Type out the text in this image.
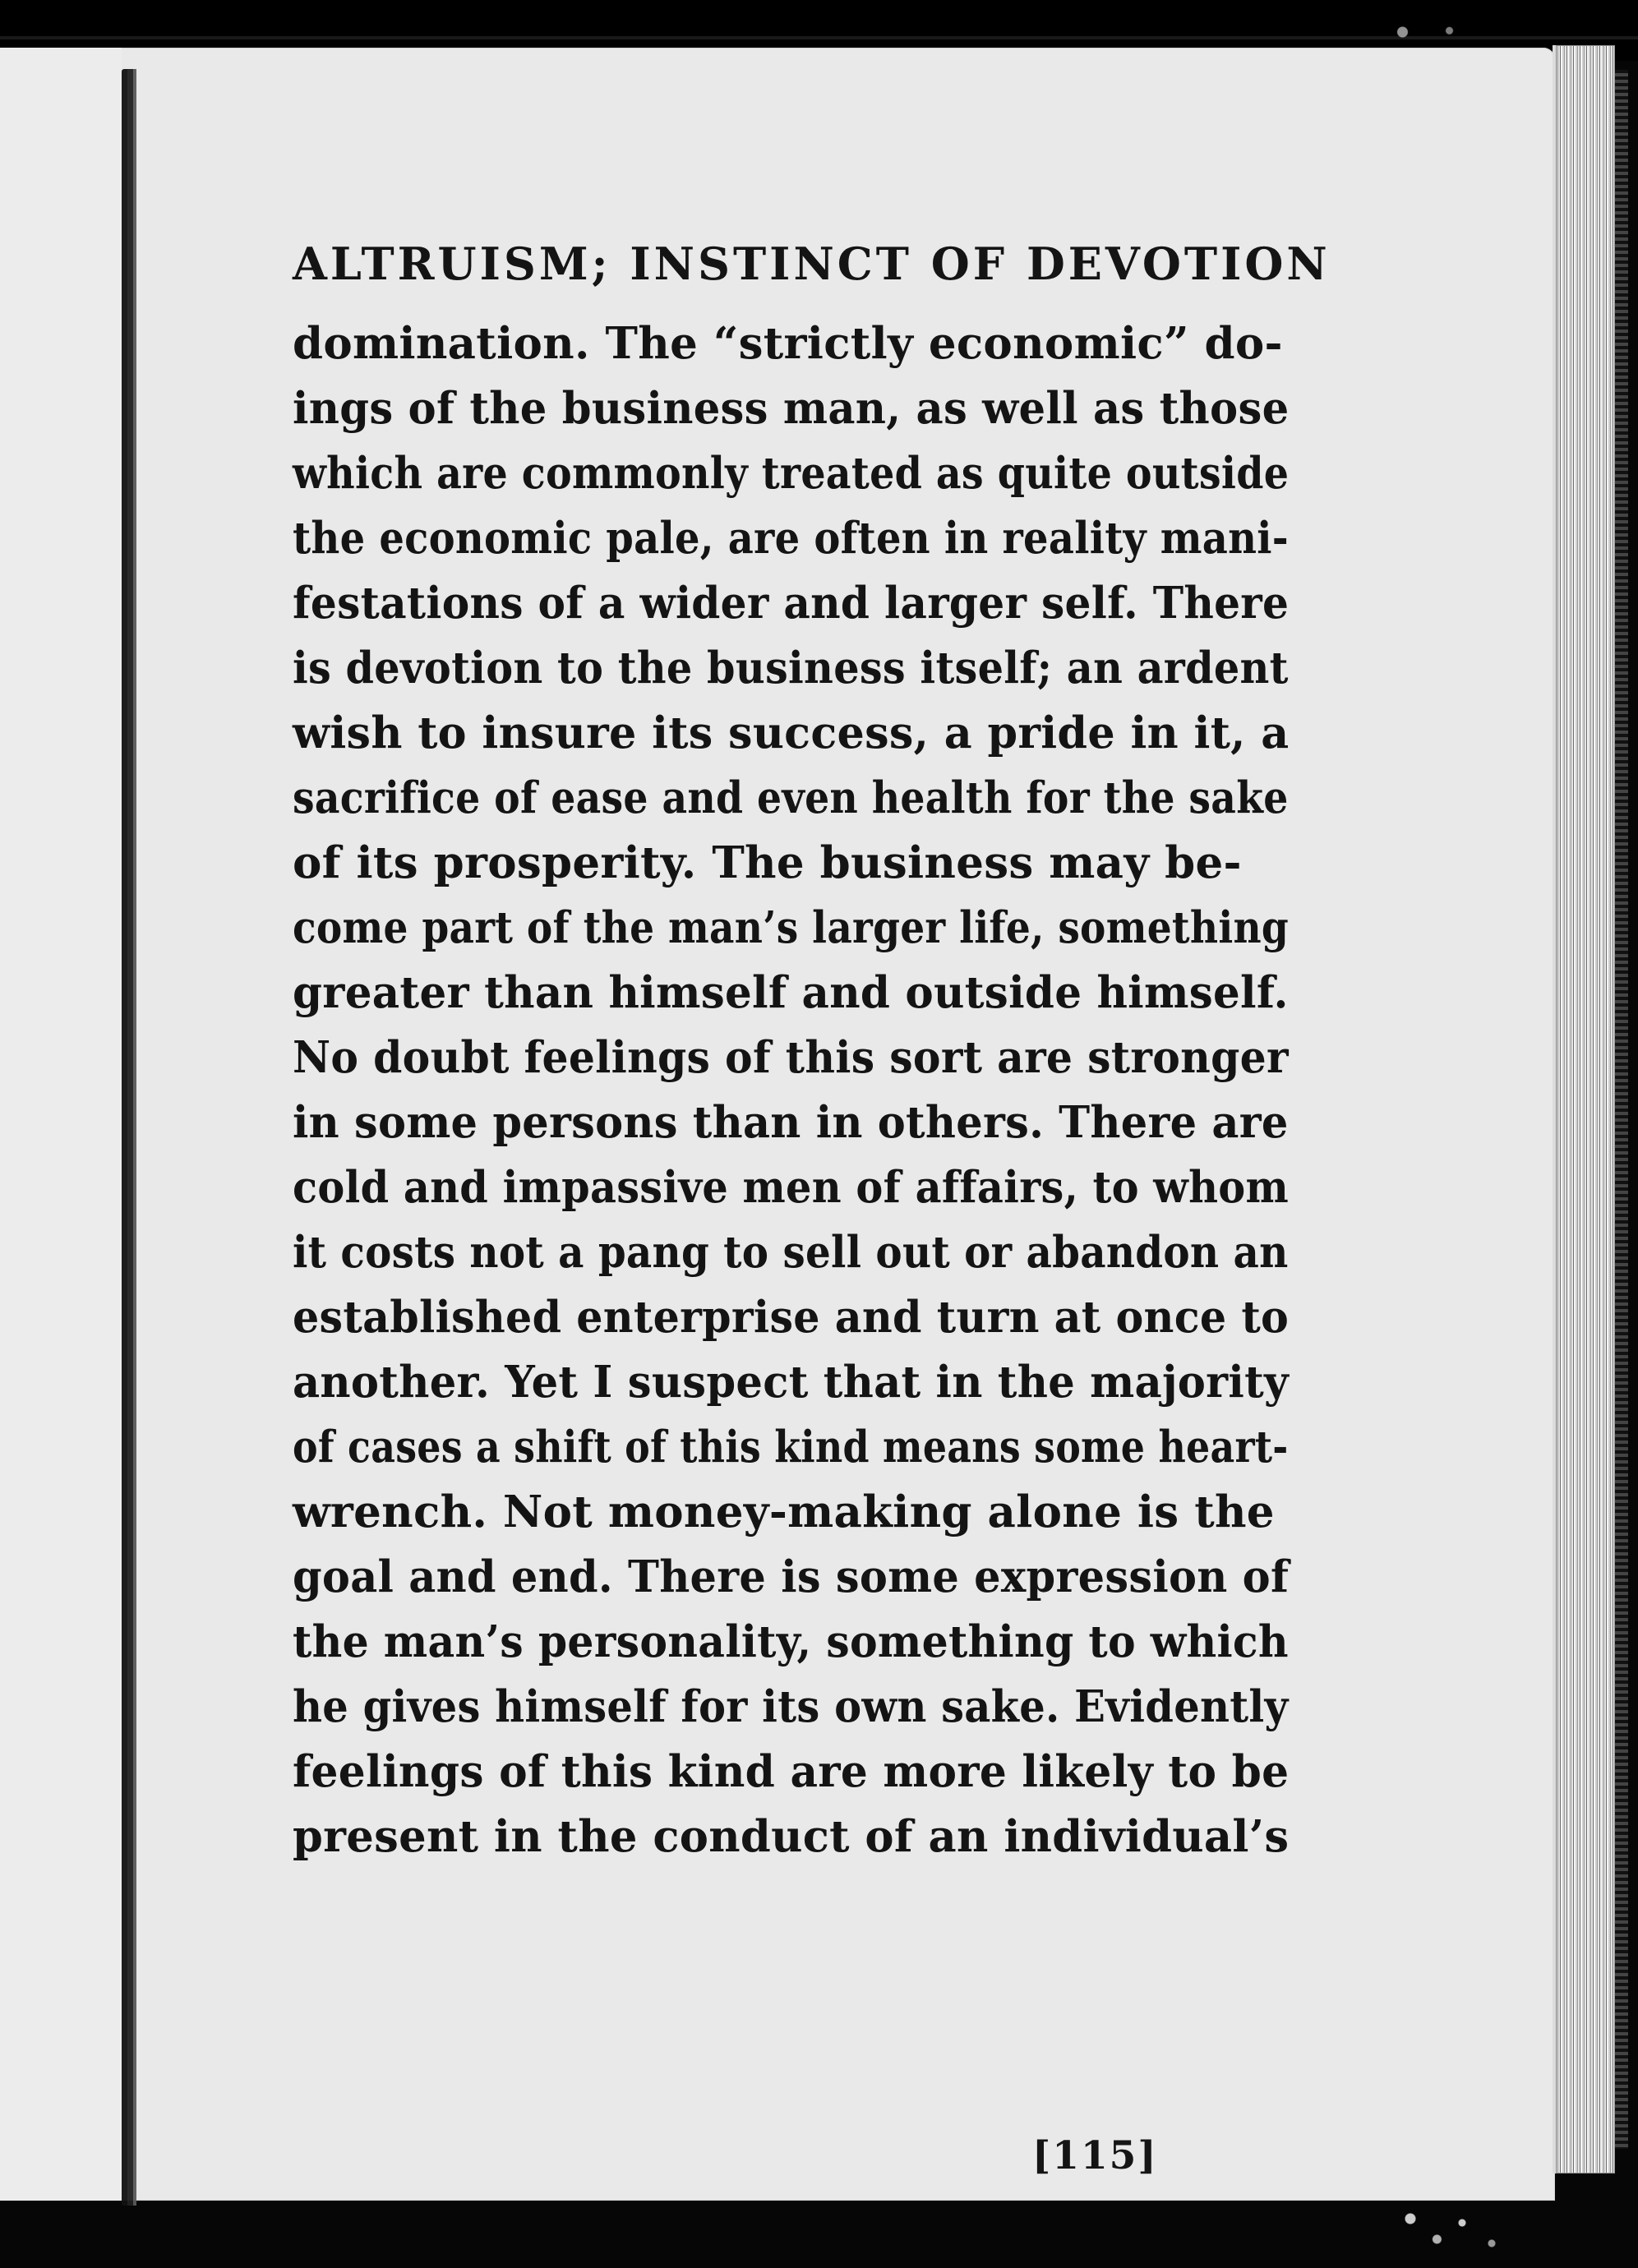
ALTRUISM; INSTINCT OF DEVOTION
domination. The “strictly economic” do-
ings of the business man, as well as those
which are commonly treated as quite outside
the economic pale, are often in reality mani-
festations of a wider and larger self. There
is devotion to the business itself; an ardent
wish to insure its success, a pride in it, a
sacrifice of ease and even health for the sake
of its prosperity. The business may be-
come part of the man’s larger life, something
greater than himself and outside himself.
No doubt feelings of this sort are stronger
in some persons than in others. There are
cold and impassive men of affairs, to whom
it costs not a pang to sell out or abandon an
established enterprise and turn at once to
another. Yet I suspect that in the majority
of cases a shift of this kind means some heart-
wrench. Not money-making alone is the
goal and end. There is some expression of
the man’s personality, something to which
he gives himself for its own sake. Evidently
feelings of this kind are more likely to be
present in the conduct of an individual’s
[115]
